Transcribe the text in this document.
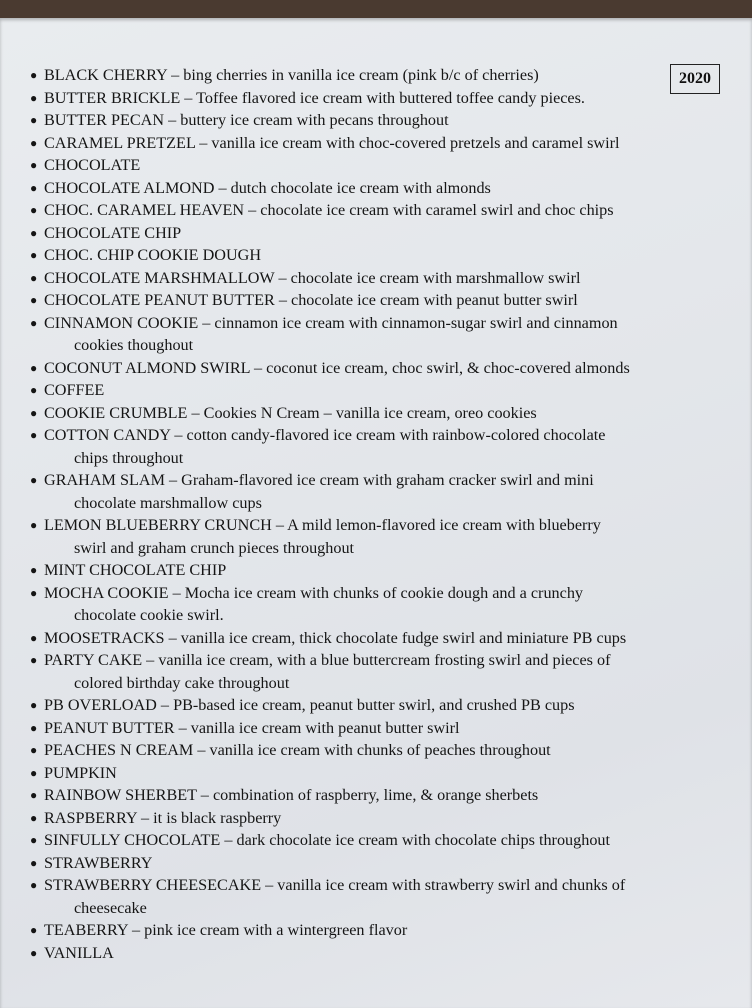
2020
● BLACK CHERRY – bing cherries in vanilla ice cream (pink b/c of cherries)
● BUTTER BRICKLE – Toffee flavored ice cream with buttered toffee candy pieces.
● BUTTER PECAN – buttery ice cream with pecans throughout
● CARAMEL PRETZEL – vanilla ice cream with choc-covered pretzels and caramel swirl
● CHOCOLATE
● CHOCOLATE ALMOND – dutch chocolate ice cream with almonds
● CHOC. CARAMEL HEAVEN – chocolate ice cream with caramel swirl and choc chips
● CHOCOLATE CHIP
● CHOC. CHIP COOKIE DOUGH
● CHOCOLATE MARSHMALLOW – chocolate ice cream with marshmallow swirl
● CHOCOLATE PEANUT BUTTER – chocolate ice cream with peanut butter swirl
● CINNAMON COOKIE – cinnamon ice cream with cinnamon-sugar swirl and cinnamon
cookies thoughout
● COCONUT ALMOND SWIRL – coconut ice cream, choc swirl, & choc-covered almonds
● COFFEE
● COOKIE CRUMBLE – Cookies N Cream – vanilla ice cream, oreo cookies
● COTTON CANDY – cotton candy-flavored ice cream with rainbow-colored chocolate
chips throughout
● GRAHAM SLAM – Graham-flavored ice cream with graham cracker swirl and mini
chocolate marshmallow cups
● LEMON BLUEBERRY CRUNCH – A mild lemon-flavored ice cream with blueberry
swirl and graham crunch pieces throughout
● MINT CHOCOLATE CHIP
● MOCHA COOKIE – Mocha ice cream with chunks of cookie dough and a crunchy
chocolate cookie swirl.
● MOOSETRACKS – vanilla ice cream, thick chocolate fudge swirl and miniature PB cups
● PARTY CAKE – vanilla ice cream, with a blue buttercream frosting swirl and pieces of
colored birthday cake throughout
● PB OVERLOAD – PB-based ice cream, peanut butter swirl, and crushed PB cups
● PEANUT BUTTER – vanilla ice cream with peanut butter swirl
● PEACHES N CREAM – vanilla ice cream with chunks of peaches throughout
● PUMPKIN
● RAINBOW SHERBET – combination of raspberry, lime, & orange sherbets
● RASPBERRY – it is black raspberry
● SINFULLY CHOCOLATE – dark chocolate ice cream with chocolate chips throughout
● STRAWBERRY
● STRAWBERRY CHEESECAKE – vanilla ice cream with strawberry swirl and chunks of
cheesecake
● TEABERRY – pink ice cream with a wintergreen flavor
● VANILLA
